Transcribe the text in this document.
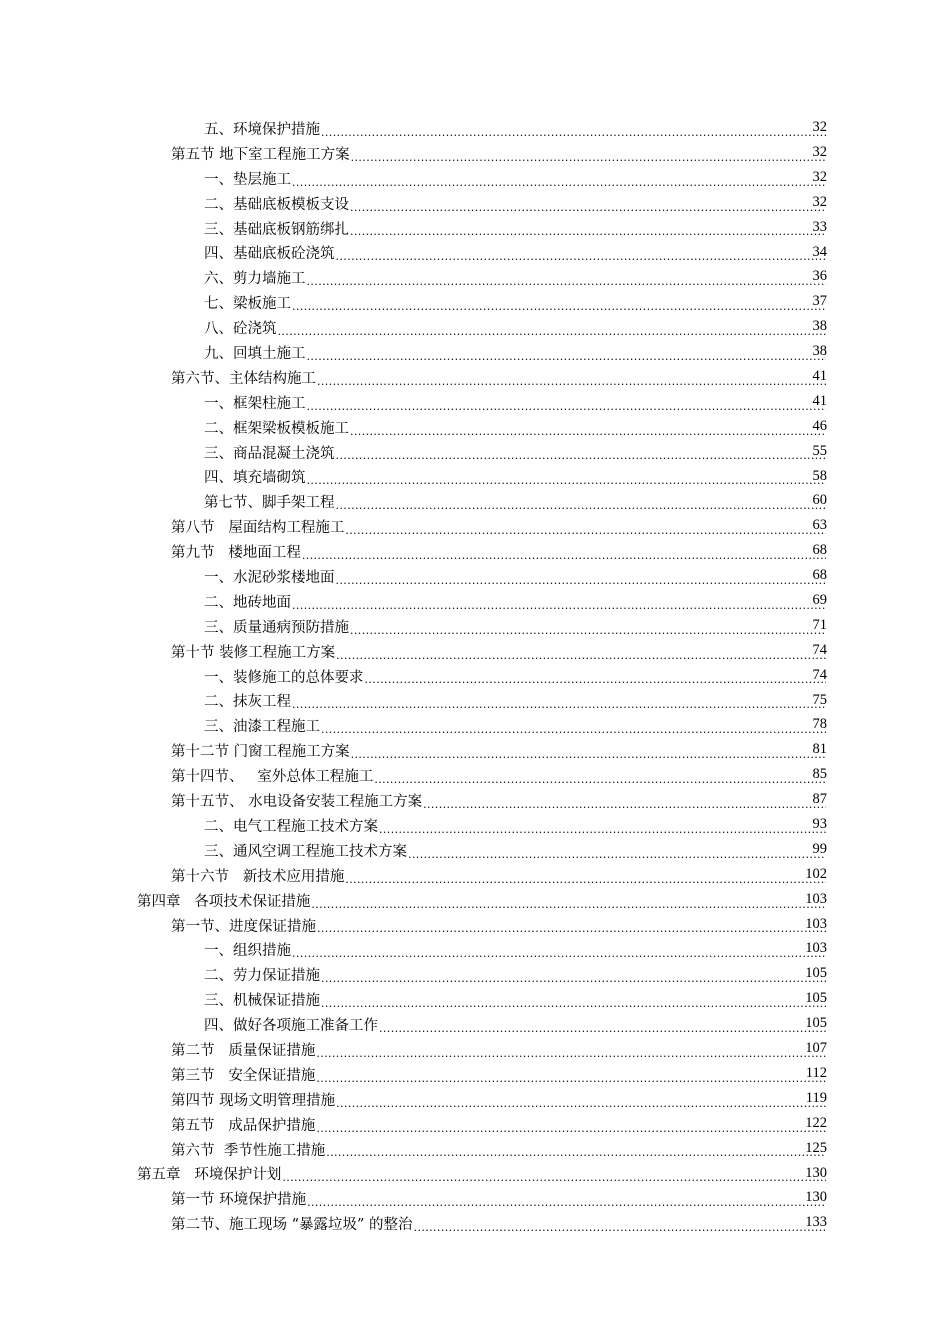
五、环境保护措施 .....	32
第五节 地下室工程施工方案 .....	32
一、垫层施工 .....	32
二、基础底板模板支设 .....	32
三、基础底板钢筋绑扎 .....	33
四、基础底板砼浇筑 .....	34
六、剪力墙施工 .....	36
七、梁板施工 .....	37
八、砼浇筑 .....	38
九、回填土施工 .....	38
第六节、主体结构施工 .....	41
一、框架柱施工 .....	41
二、框架梁板模板施工 .....	46
三、商品混凝土浇筑 .....	55
四、填充墙砌筑 .....	58
第七节、脚手架工程 .....	60
第八节   屋面结构工程施工 .....	63
第九节   楼地面工程 .....	68
一、水泥砂浆楼地面 .....	68
二、地砖地面 .....	69
三、质量通病预防措施 .....	71
第十节 装修工程施工方案 .....	74
一、装修施工的总体要求 .....	74
二、抹灰工程 .....	75
三、油漆工程施工 .....	78
第十二节 门窗工程施工方案 .....	81
第十四节、   室外总体工程施工 .....	85
第十五节、 水电设备安装工程施工方案 .....	87
二、电气工程施工技术方案 .....	93
三、通风空调工程施工技术方案 .....	99
第十六节   新技术应用措施 .....	102
第四章   各项技术保证措施 .....	103
第一节、进度保证措施 .....	103
一、组织措施 .....	103
二、劳力保证措施 .....	105
三、机械保证措施 .....	105
四、做好各项施工准备工作 .....	105
第二节   质量保证措施 .....	107
第三节   安全保证措施 .....	112
第四节 现场文明管理措施 .....	119
第五节   成品保护措施 .....	122
第六节  季节性施工措施 .....	125
第五章   环境保护计划 .....	130
第一节 环境保护措施 .....	130
第二节、施工现场 “暴露垃圾” 的整治 .....	133
